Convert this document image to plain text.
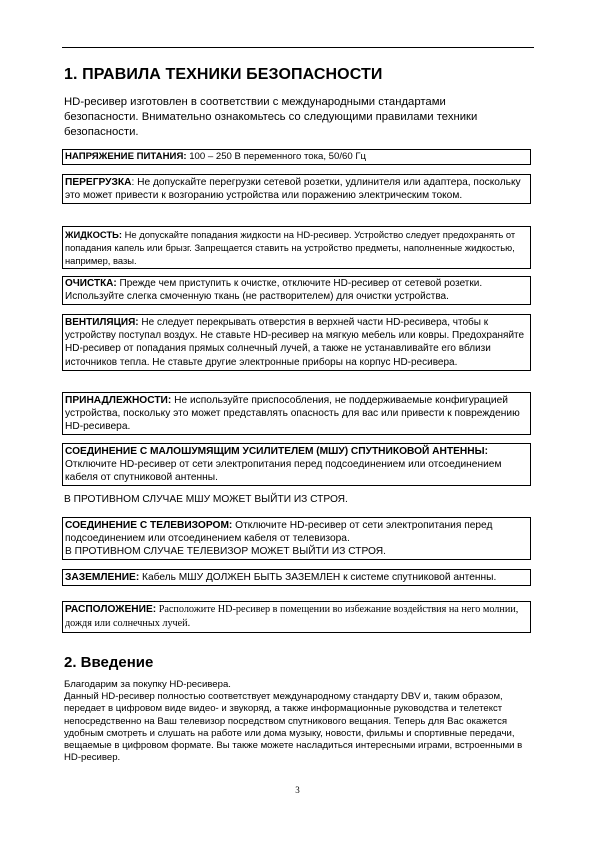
1. ПРАВИЛА ТЕХНИКИ БЕЗОПАСНОСТИ
HD-ресивер изготовлен в соответствии с международными стандартами безопасности. Внимательно ознакомьтесь со следующими правилами техники безопасности.
НАПРЯЖЕНИЕ ПИТАНИЯ: 100 – 250 В переменного тока, 50/60 Гц
ПЕРЕГРУЗКА: Не допускайте перегрузки сетевой розетки, удлинителя или адаптера, поскольку это может привести к возгоранию устройства или поражению электрическим током.
ЖИДКОСТЬ: Не допускайте попадания жидкости на HD-ресивер. Устройство следует предохранять от попадания капель или брызг. Запрещается ставить на устройство предметы, наполненные жидкостью, например, вазы.
ОЧИСТКА: Прежде чем приступить к очистке, отключите HD-ресивер от сетевой розетки. Используйте слегка смоченную ткань (не растворителем) для очистки устройства.
ВЕНТИЛЯЦИЯ: Не следует перекрывать отверстия в верхней части HD-ресивера, чтобы к устройству поступал воздух. Не ставьте HD-ресивер на мягкую мебель или ковры. Предохраняйте HD-ресивер от попадания прямых солнечный лучей, а также не устанавливайте его вблизи источников тепла. Не ставьте другие электронные приборы на корпус HD-ресивера.
ПРИНАДЛЕЖНОСТИ: Не используйте приспособления, не поддерживаемые конфигурацией устройства, поскольку это может представлять опасность для вас или привести к повреждению HD-ресивера.
СОЕДИНЕНИЕ С МАЛОШУМЯЩИМ УСИЛИТЕЛЕМ (МШУ) СПУТНИКОВОЙ АНТЕННЫ: Отключите HD-ресивер от сети электропитания перед подсоединением или отсоединением кабеля от спутниковой антенны.
В ПРОТИВНОМ СЛУЧАЕ МШУ МОЖЕТ ВЫЙТИ ИЗ СТРОЯ.
СОЕДИНЕНИЕ С ТЕЛЕВИЗОРОМ: Отключите HD-ресивер от сети электропитания перед подсоединением или отсоединением кабеля от телевизора.
В ПРОТИВНОМ СЛУЧАЕ ТЕЛЕВИЗОР МОЖЕТ ВЫЙТИ ИЗ СТРОЯ.
ЗАЗЕМЛЕНИЕ: Кабель МШУ ДОЛЖЕН БЫТЬ ЗАЗЕМЛЕН к системе спутниковой антенны.
РАСПОЛОЖЕНИЕ: Расположите HD-ресивер в помещении во избежание воздействия на него молнии, дождя или солнечных лучей.
2. Введение
Благодарим за покупку HD-ресивера.
Данный HD-ресивер полностью соответствует международному стандарту DBV и, таким образом, передает в цифровом виде видео- и звукоряд, а также информационные руководства и телетекст непосредственно на Ваш телевизор посредством спутникового вещания. Теперь для Вас окажется удобным смотреть и слушать на работе или дома музыку, новости, фильмы и спортивные передачи, вещаемые в цифровом формате. Вы также можете насладиться интересными играми, встроенными в HD-ресивер.
3
